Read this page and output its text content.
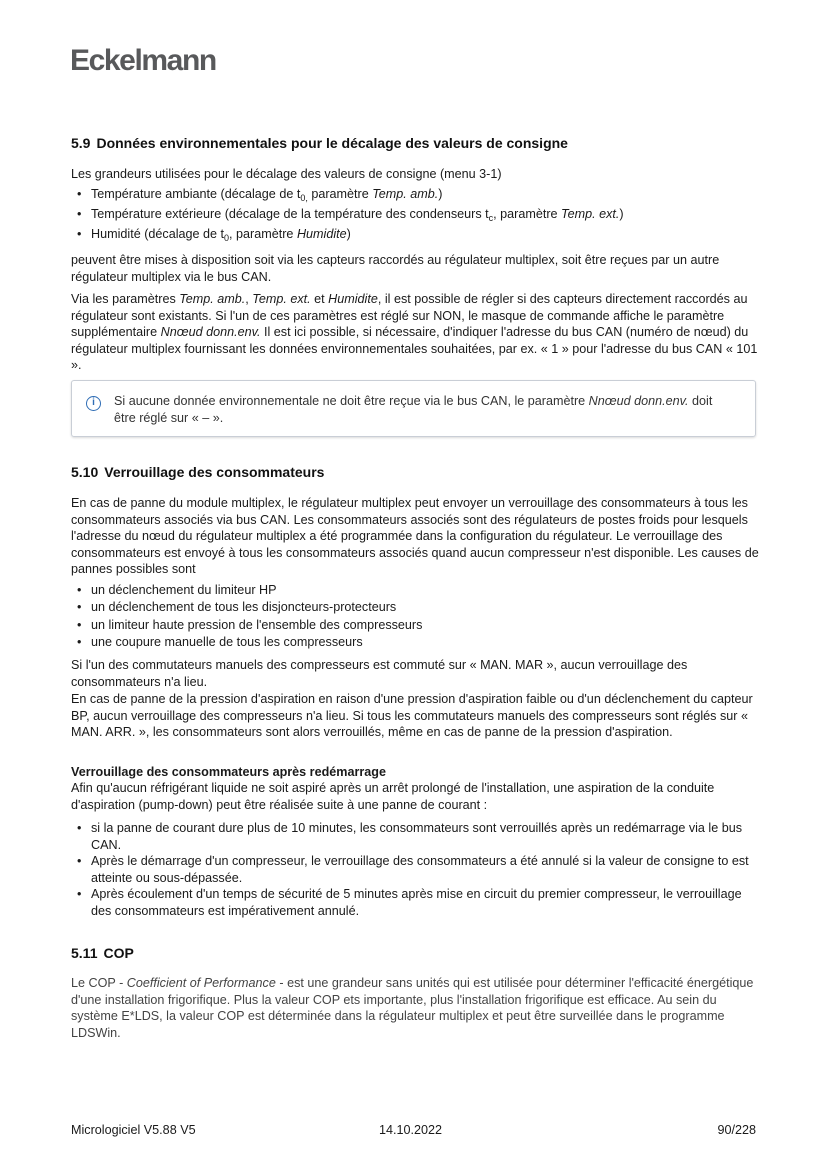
Eckelmann
5.9 Données environnementales pour le décalage des valeurs de consigne

Les grandeurs utilisées pour le décalage des valeurs de consigne (menu 3-1)

• Température ambiante (décalage de $t_{0,}$ paramètre Temp. amb.)
• Température extérieure (décalage de la température des condenseurs $t_c$, paramètre Temp. ext.)
• Humidité (décalage de $t_0$, paramètre Humidite)

peuvent être mises à disposition soit via les capteurs raccordés au régulateur multiplex, soit être reçues par un autre régulateur multiplex via le bus CAN.

Via les paramètres Temp. amb., Temp. ext. et Humidite, il est possible de régler si des capteurs directement raccordés au régulateur sont existants. Si l'un de ces paramètres est réglé sur NON, le masque de commande affiche le paramètre supplémentaire Nnœud donn.env. Il est ici possible, si nécessaire, d'indiquer l'adresse du bus CAN (numéro de nœud) du régulateur multiplex fournissant les données environnementales souhaitées, par ex. « 1 » pour l'adresse du bus CAN « 101 ».

i	Si aucune donnée environnementale ne doit être reçue via le bus CAN, le paramètre Nnœud donn.env. doit être réglé sur « – ».

5.10 Verrouillage des consommateurs

En cas de panne du module multiplex, le régulateur multiplex peut envoyer un verrouillage des consommateurs à tous les consommateurs associés via bus CAN. Les consommateurs associés sont des régulateurs de postes froids pour lesquels l'adresse du nœud du régulateur multiplex a été programmée dans la configuration du régulateur. Le verrouillage des consommateurs est envoyé à tous les consommateurs associés quand aucun compresseur n'est disponible. Les causes de pannes possibles sont

• un déclenchement du limiteur HP
• un déclenchement de tous les disjoncteurs-protecteurs
• un limiteur haute pression de l'ensemble des compresseurs
• une coupure manuelle de tous les compresseurs

Si l'un des commutateurs manuels des compresseurs est commuté sur « MAN. MAR », aucun verrouillage des consommateurs n'a lieu.

En cas de panne de la pression d'aspiration en raison d'une pression d'aspiration faible ou d'un déclenchement du capteur BP, aucun verrouillage des compresseurs n'a lieu. Si tous les commutateurs manuels des compresseurs sont réglés sur « MAN. ARR. », les consommateurs sont alors verrouillés, même en cas de panne de la pression d'aspiration.

Verrouillage des consommateurs après redémarrage

Afin qu'aucun réfrigérant liquide ne soit aspiré après un arrêt prolongé de l'installation, une aspiration de la conduite d'aspiration (pump-down) peut être réalisée suite à une panne de courant :

• si la panne de courant dure plus de 10 minutes, les consommateurs sont verrouillés après un redémarrage via le bus CAN.
• Après le démarrage d'un compresseur, le verrouillage des consommateurs a été annulé si la valeur de consigne to est atteinte ou sous-dépassée.
• Après écoulement d'un temps de sécurité de 5 minutes après mise en circuit du premier compresseur, le verrouillage des consommateurs est impérativement annulé.
5.11 COP

Le COP - Coefficient of Performance - est une grandeur sans unités qui est utilisée pour déterminer l'efficacité énergétique d'une installation frigorifique. Plus la valeur COP ets importante, plus l'installation frigorifique est efficace. Au sein du système E*LDS, la valeur COP est déterminée dans la régulateur multiplex et peut être surveillée dans le programme LDSWin.

Micrologiciel V5.88 V5	14.10.2022	90/228
